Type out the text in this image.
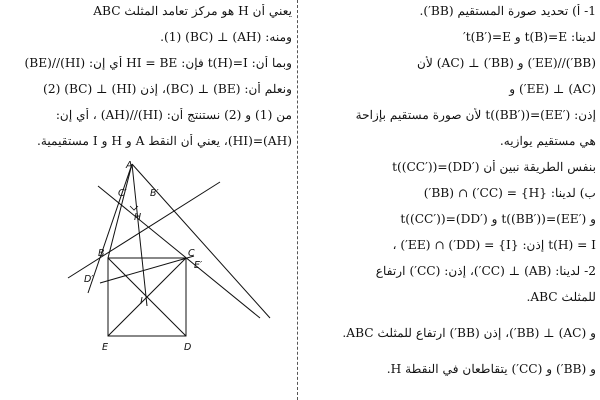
1- أ) تحديد صورة المستقيم (BB′).
لدينا: t(B)=E و t(B′)=E′
(BB′)//(EE′) و (BB′) ⊥ (AC) لأن
(AC) ⊥ (EE′) و
إذن: t((BB′))=(EE′) لأن صورة مستقيم بإزاحة
هي مستقيم يوازيه.
بنفس الطريقة نبين أن t((CC′))=(DD′)
ب) لدينا: {H} = (CC′) ∩ (BB′)
و t((BB′))=(EE′) و t((CC′))=(DD′)
t(H) = I إذن: {I} = (DD′) ∩ (EE′) ،
2- لدينا: (AB) ⊥ (CC′)، إذن: (CC′) ارتفاع
للمثلث ABC.
و (AC) ⊥ (BB′)، إذن (BB′) ارتفاع للمثلث ABC.
و (BB′) و (CC′) يتقاطعان في النقطة H.
يعني أن H هو مركز تعامد المثلث ABC
ومنه: (AH) ⊥ (BC) (1).
وبما أن: t(H)=I فإن: HI = BE أي إن: (HI)//(BE)
ونعلم أن: (BE) ⊥ (BC)، إذن (HI) ⊥ (BC) (2)
من (1) و (2) نستنتج أن: (HI)//(AH) ، أي إن:
(AH)=(HI)، يعني أن النقط A و H و I مستقيمية.
A
C′ B′
H
B	C
E′
D′
I
E	D
